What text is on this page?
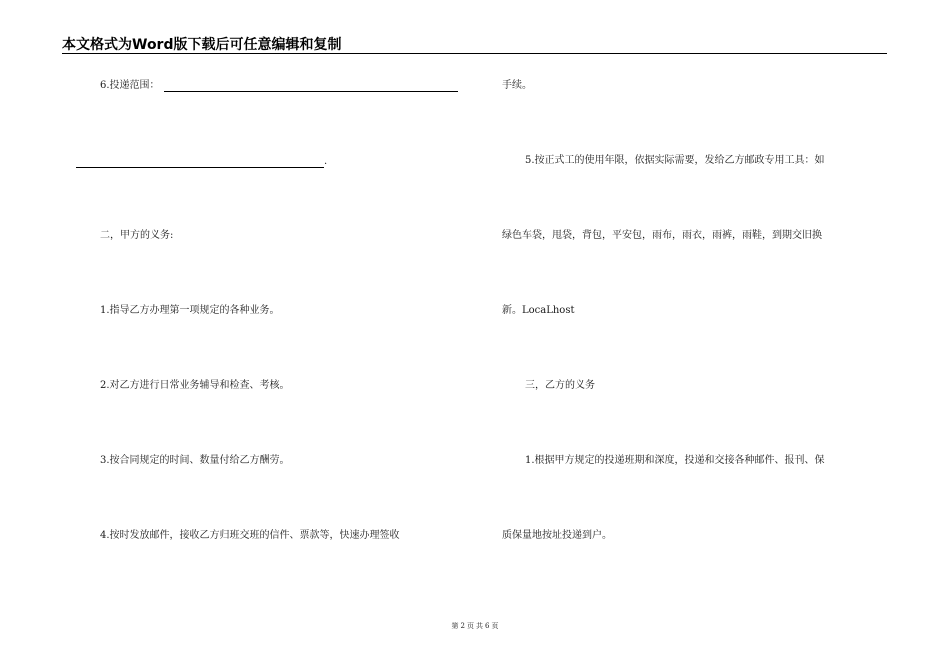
本文格式为Word版下载后可任意编辑和复制
6.投递范围：
.
二，甲方的义务:
1.指导乙方办理第一项规定的各种业务。
2.对乙方进行日常业务辅导和检查、考核。
3.按合同规定的时间、数量付给乙方酬劳。
4.按时发放邮件，接收乙方归班交班的信件、票款等，快速办理签收
手续。
5.按正式工的使用年限，依据实际需要，发给乙方邮政专用工具：如
绿色车袋，甩袋，背包，平安包，雨布，雨衣，雨裤，雨鞋，到期交旧换
新。LocaLhost
三，乙方的义务
1.根据甲方规定的投递班期和深度，投递和交接各种邮件、报刊、保
质保量地按址投递到户。
第 2 页 共 6 页
